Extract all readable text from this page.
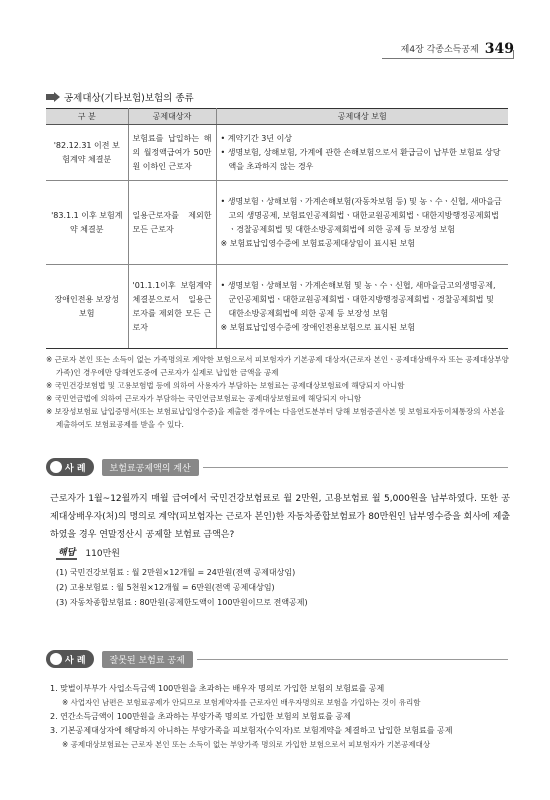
제4장 각종소득공제 349
공제대상(기타보험)보험의 종류
구 분	공제대상자	공제대상 보험
'82.12.31 이전 보험계약 체결분	보험료를 납입하는 해의 월정액급여가 50만원 이하인 근로자	• 계약기간 3년 이상
• 생명보험, 상해보험, 가계에 관한 손해보험으로서 환급금이 납부한 보험료 상당액을 초과하지 않는 경우

'83.1.1 이후 보험계약 체결분	일용근로자를 제외한 모든 근로자	• 생명보험ㆍ상해보험ㆍ가계손해보험(자동차보험 등) 및 농ㆍ수ㆍ신협, 새마을금고의 생명공제, 보험료인공제회법ㆍ대한교원공제회법ㆍ대한지방행정공제회법ㆍ경찰공제회법 및 대한소방공제회법에 의한 공제 등 보장성 보험
※ 보험료납입영수증에 보험료공제대상임이 표시된 보험

장애인전용 보장성 보험	'01.1.1이후 보험계약 체결분으로서 일용근로자를 제외한 모든 근로자	• 생명보험ㆍ상해보험ㆍ가계손해보험 및 농ㆍ수ㆍ신협, 새마을금고의생명공제, 군인공제회법ㆍ대한교원공제회법ㆍ대한지방행정공제회법ㆍ경찰공제회법 및 대한소방공제회법에 의한 공제 등 보장성 보험
※ 보험료납입영수증에 장애인전용보험으로 표시된 보험

※ 근로자 본인 또는 소득이 없는 가족명의로 계약한 보험으로서 피보험자가 기본공제 대상자(근로자 본인ㆍ공제대상배우자 또는 공제대상부양가족)인 경우에만 당해연도중에 근로자가 실제로 납입한 금액을 공제

※ 국민건강보험법 및 고용보험법 등에 의하여 사용자가 부담하는 보험료는 공제대상보험료에 해당되지 아니함

※ 국민연금법에 의하여 근로자가 부담하는 국민연금보험료는 공제대상보험료에 해당되지 아니함

※ 보장성보험료 납입증명서(또는 보험료납입영수증)을 제출한 경우에는 다음연도분부터 당해 보험증권사본 및 보험료자동이체통장의 사본을 제출하여도 보험료공제를 받을 수 있다.

사 례	보험료공제액의 계산
근로자가 1월~12월까지 매월 급여에서 국민건강보험료로 월 2만원, 고용보험료 월 5,000원을 납부하였다. 또한 공제대상배우자(처)의 명의로 계약(피보험자는 근로자 본인)한 자동차종합보험료가 80만원인 납부영수증을 회사에 제출하였을 경우 연말정산시 공제할 보험료 금액은?
해답 110만원
(1) 국민건강보험료 : 월 2만원×12개월 = 24만원(전액 공제대상임)
(2) 고용보험료 : 월 5천원×12개월 = 6만원(전액 공제대상임)
(3) 자동차종합보험료 : 80만원(공제한도액이 100만원이므로 전액공제)
사 례	잘못된 보험료 공제
1. 맞벌이부부가 사업소득금액 100만원을 초과하는 배우자 명의로 가입한 보험의 보험료를 공제
※ 사업자인 남편은 보험료공제가 안되므로 보험계약자를 근로자인 배우자명의로 보험을 가입하는 것이 유리함
2. 연간소득금액이 100만원을 초과하는 부양가족 명의로 가입한 보험의 보험료를 공제
3. 기본공제대상자에 해당하지 아니하는 부양가족을 피보험자(수익자)로 보험계약을 체결하고 납입한 보험료를 공제
※ 공제대상보험료는 근로자 본인 또는 소득이 없는 부양가족 명의로 가입한 보험으로서 피보험자가 기본공제대상
